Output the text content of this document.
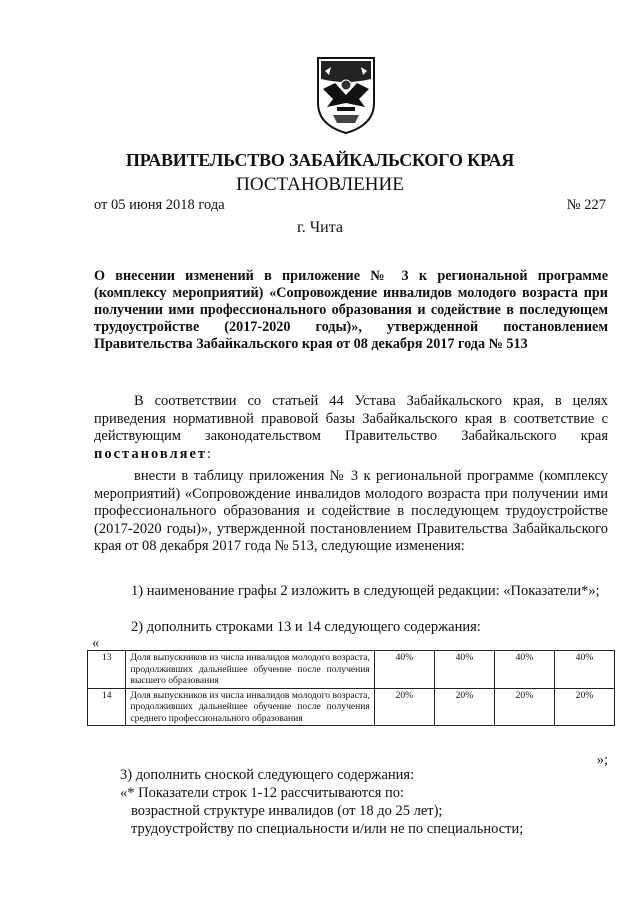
ПРАВИТЕЛЬСТВО ЗАБАЙКАЛЬСКОГО КРАЯ
ПОСТАНОВЛЕНИЕ
от 05 июня 2018 года	№ 227
г. Чита
О внесении изменений в приложение № 3 к региональной программе (комплексу мероприятий) «Сопровождение инвалидов молодого возраста при получении ими профессионального образования и содействие в последующем трудоустройстве (2017-2020 годы)», утвержденной постановлением Правительства Забайкальского края от 08 декабря 2017 года № 513
В соответствии со статьей 44 Устава Забайкальского края, в целях приведения нормативной правовой базы Забайкальского края в соответствие с действующим законодательством Правительство Забайкальского края постановляет:
внести в таблицу приложения № 3 к региональной программе (комплексу мероприятий) «Сопровождение инвалидов молодого возраста при получении ими профессионального образования и содействие в последующем трудоустройстве (2017-2020 годы)», утвержденной постановлением Правительства Забайкальского края от 08 декабря 2017 года № 513, следующие изменения:
1) наименование графы 2 изложить в следующей редакции: «Показатели*»;
2) дополнить строками 13 и 14 следующего содержания:
«
13	Доля выпускников из числа инвалидов молодого возраста, продолживших дальнейшее обучение после получения высшего образования	40%	40%	40%	40%
14	Доля выпускников из числа инвалидов молодого возраста, продолживших дальнейшее обучение после получения среднего профессионального образования	20%	20%	20%	20%
»;
3) дополнить сноской следующего содержания:
«* Показатели строк 1-12 рассчитываются по:
возрастной структуре инвалидов (от 18 до 25 лет);
трудоустройству по специальности и/или не по специальности;
